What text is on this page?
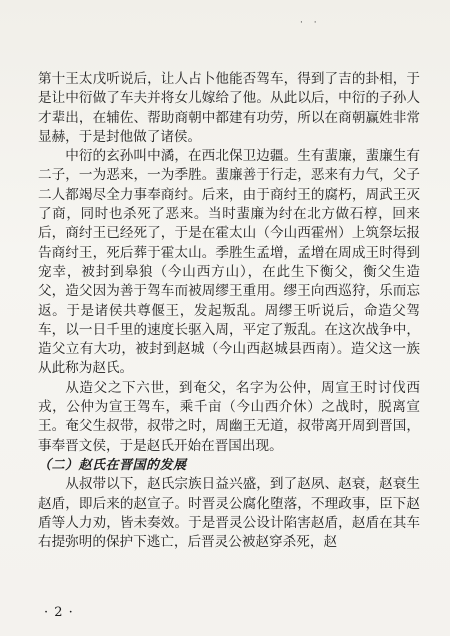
· ·

第十王太戊听说后，让人占卜他能否驾车，得到了吉的卦相，于是让中衍做了车夫并将女儿嫁给了他。从此以后，中衍的子孙人才辈出，在辅佐、帮助商朝中都建有功劳，所以在商朝赢姓非常显赫，于是封他做了诸侯。

中衍的玄孙叫中潏，在西北保卫边疆。生有蜚廉，蜚廉生有二子，一为恶来，一为季胜。蜚廉善于行走，恶来有力气，父子二人都竭尽全力事奉商纣。后来，由于商纣王的腐朽，周武王灭了商，同时也杀死了恶来。当时蜚廉为纣在北方做石椁，回来后，商纣王已经死了，于是在霍太山（今山西霍州）上筑祭坛报告商纣王，死后葬于霍太山。季胜生孟增，孟增在周成王时得到宠幸，被封到皋狼（今山西方山），在此生下衡父，衡父生造父，造父因为善于驾车而被周缪王重用。缪王向西巡狩，乐而忘返。于是诸侯共尊偃王，发起叛乱。周缪王听说后，命造父驾车，以一日千里的速度长驱入周，平定了叛乱。在这次战争中，造父立有大功，被封到赵城（今山西赵城县西南）。造父这一族从此称为赵氏。

从造父之下六世，到奄父，名字为公仲，周宣王时讨伐西戎，公仲为宣王驾车，乘千亩（今山西介休）之战时，脱离宣王。奄父生叔带，叔带之时，周幽王无道，叔带离开周到晋国，事奉晋文侯，于是赵氏开始在晋国出现。

（二）赵氏在晋国的发展

从叔带以下，赵氏宗族日益兴盛，到了赵夙、赵衰，赵衰生赵盾，即后来的赵宣子。时晋灵公腐化堕落，不理政事，臣下赵盾等人力劝，皆未奏效。于是晋灵公设计陷害赵盾，赵盾在其车右提弥明的保护下逃亡，后晋灵公被赵穿杀死，赵

· 2 ·
